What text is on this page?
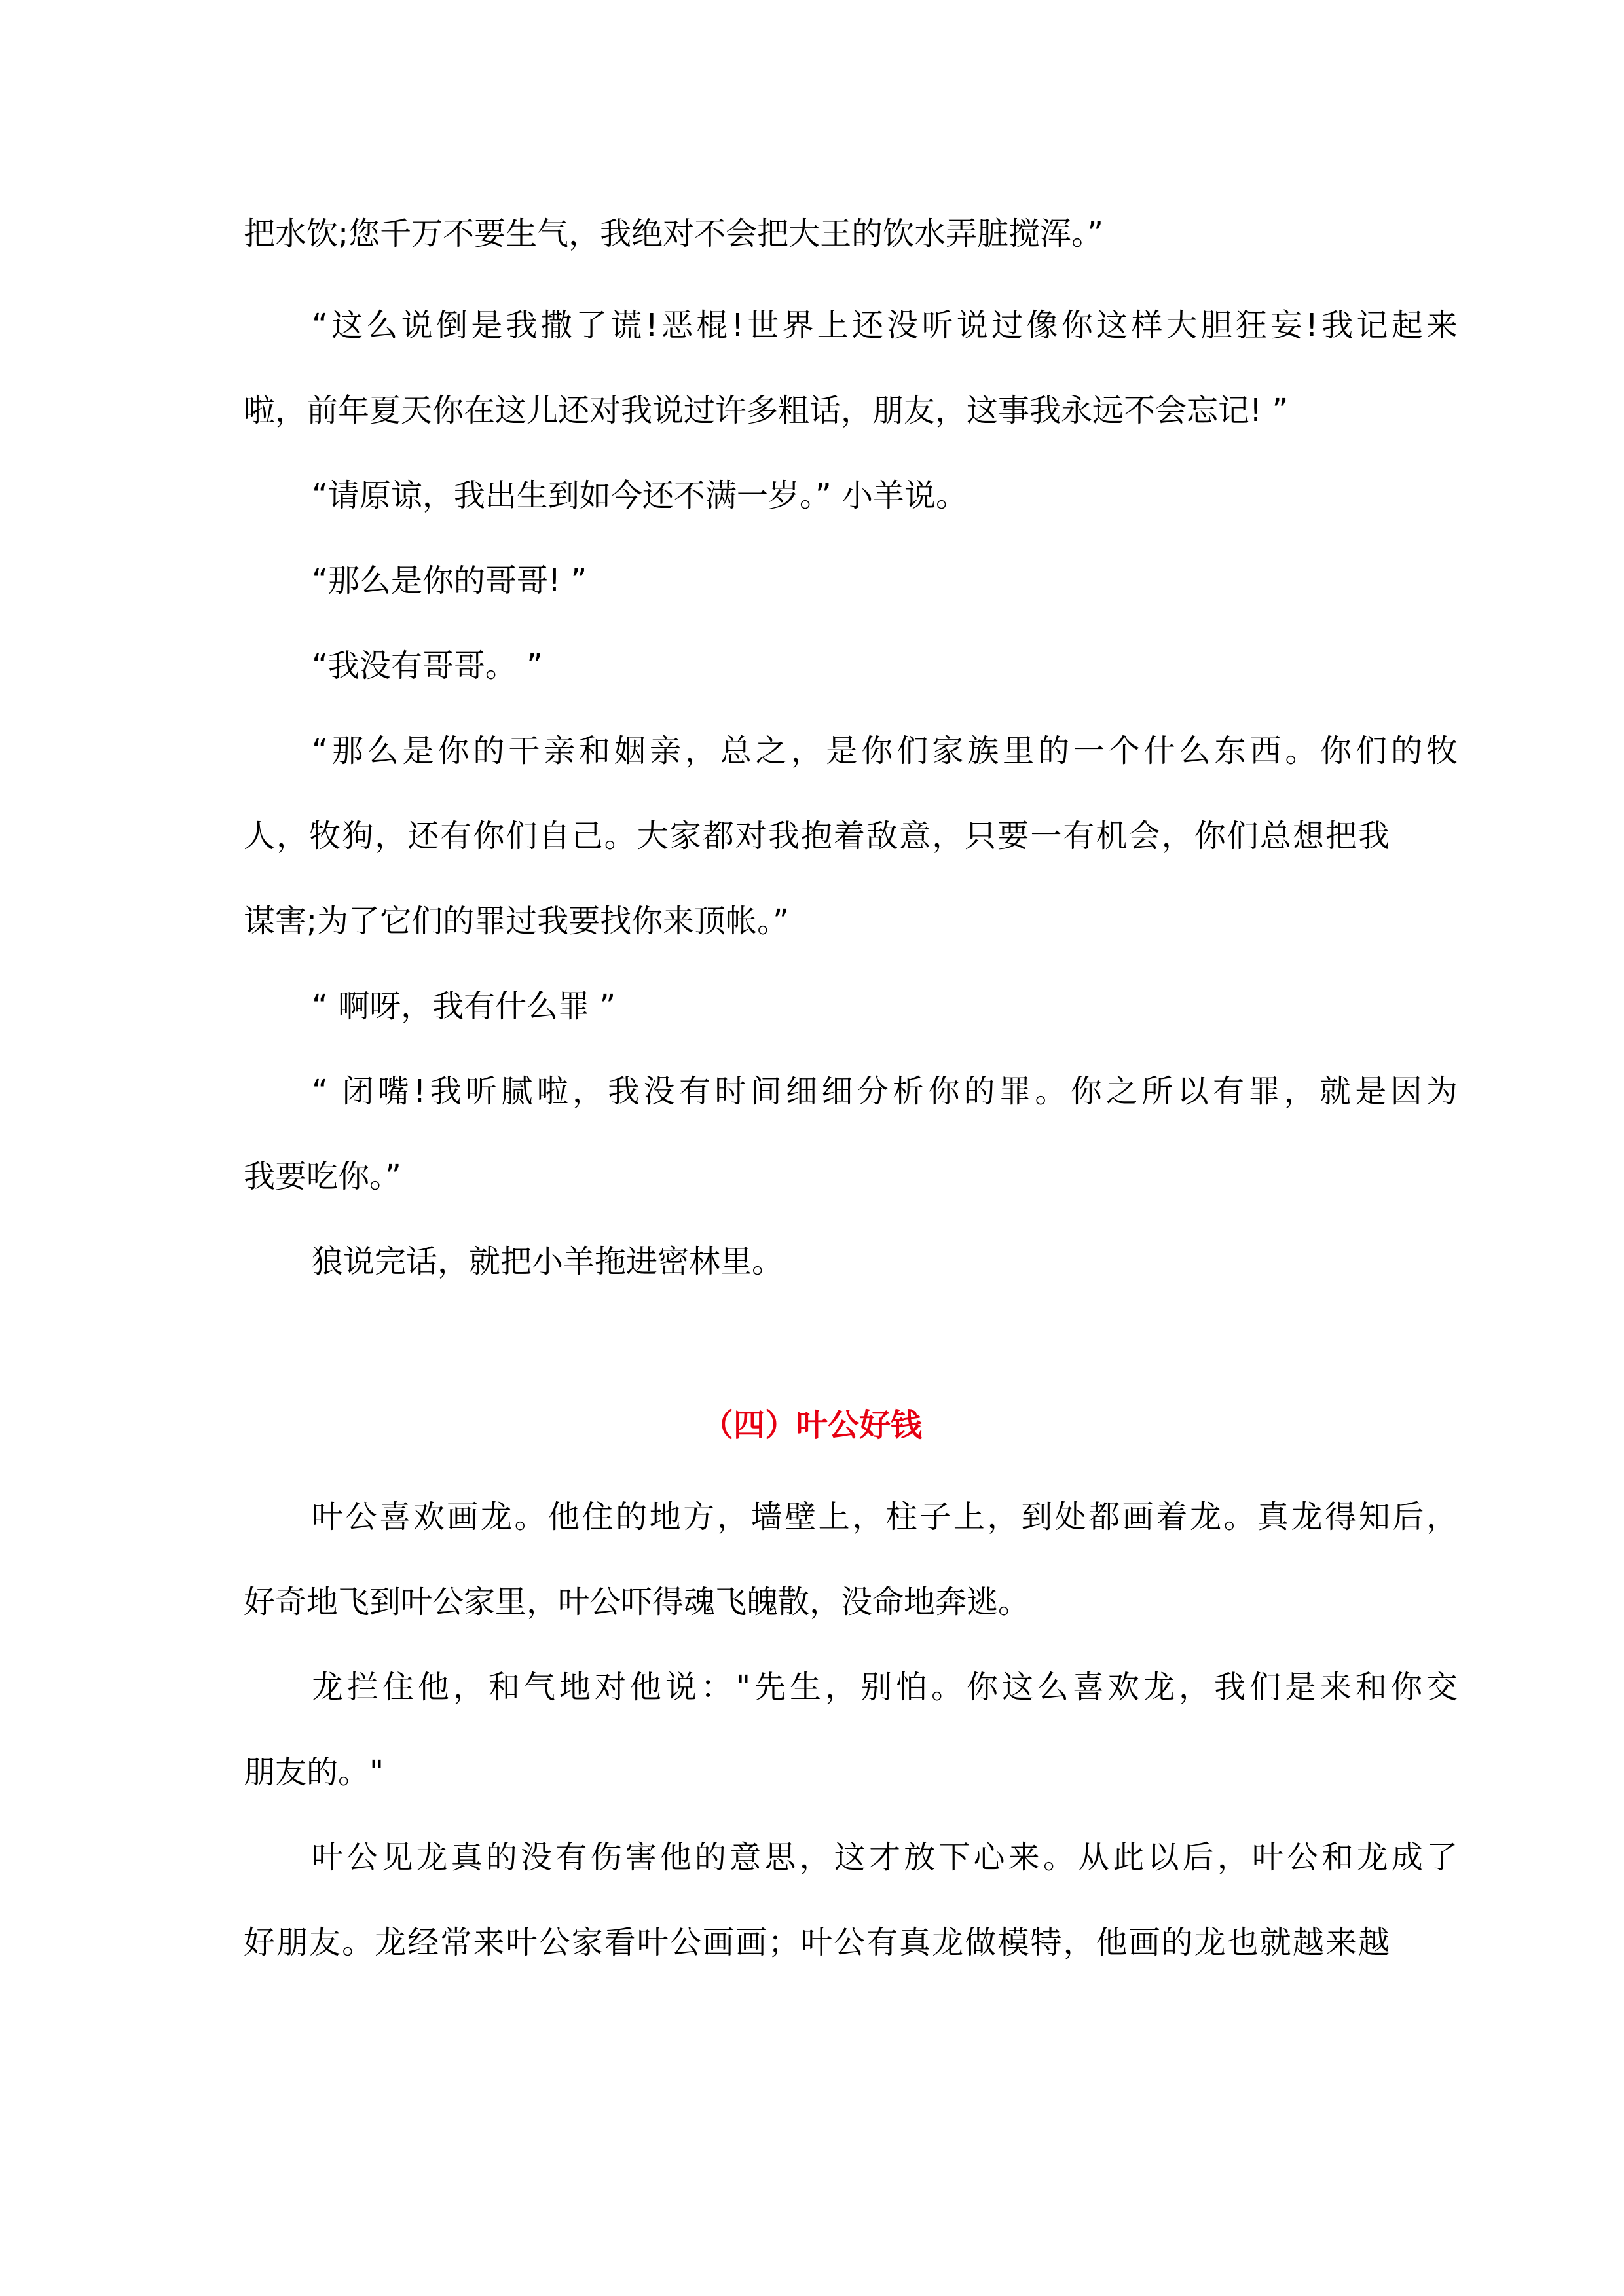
把水饮;您千万不要生气，我绝对不会把大王的饮水弄脏搅浑。”
“这么说倒是我撒了谎!恶棍!世界上还没听说过像你这样大胆狂妄!我记起来
啦，前年夏天你在这儿还对我说过许多粗话，朋友，这事我永远不会忘记! ”
“请原谅，我出生到如今还不满一岁。” 小羊说。
“那么是你的哥哥! ”
“我没有哥哥。 ”
“那么是你的干亲和姻亲，总之，是你们家族里的一个什么东西。你们的牧
人，牧狗，还有你们自己。大家都对我抱着敌意，只要一有机会，你们总想把我
谋害;为了它们的罪过我要找你来顶帐。”
“ 啊呀，我有什么罪 ”
“ 闭嘴!我听腻啦，我没有时间细细分析你的罪。你之所以有罪，就是因为
我要吃你。”
狼说完话，就把小羊拖进密林里。
（四）叶公好钱
叶公喜欢画龙。他住的地方，墙壁上，柱子上，到处都画着龙。真龙得知后，
好奇地飞到叶公家里，叶公吓得魂飞魄散，没命地奔逃。
龙拦住他，和气地对他说："先生，别怕。你这么喜欢龙，我们是来和你交
朋友的。"
叶公见龙真的没有伤害他的意思，这才放下心来。从此以后，叶公和龙成了
好朋友。龙经常来叶公家看叶公画画；叶公有真龙做模特，他画的龙也就越来越
